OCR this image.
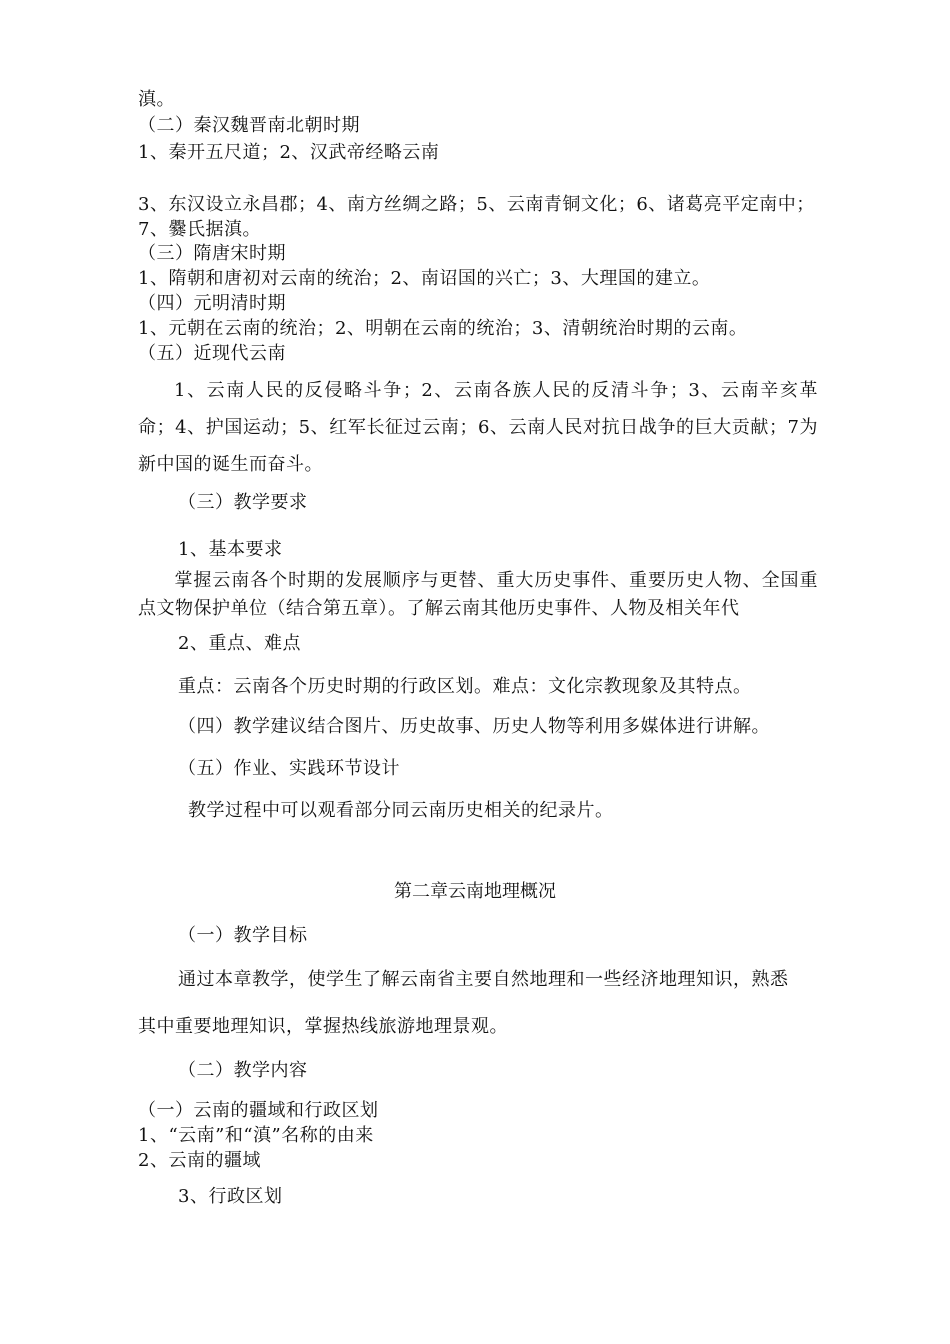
滇。
（二）秦汉魏晋南北朝时期
1、秦开五尺道；2、汉武帝经略云南
3、东汉设立永昌郡；4、南方丝绸之路；5、云南青铜文化；6、诸葛亮平定南中；
7、爨氏据滇。
（三）隋唐宋时期
1、隋朝和唐初对云南的统治；2、南诏国的兴亡；3、大理国的建立。
（四）元明清时期
1、元朝在云南的统治；2、明朝在云南的统治；3、清朝统治时期的云南。
（五）近现代云南
1、云南人民的反侵略斗争；2、云南各族人民的反清斗争；3、云南辛亥革命；4、护国运动；5、红军长征过云南；6、云南人民对抗日战争的巨大贡献；7为新中国的诞生而奋斗。
（三）教学要求
1、基本要求
掌握云南各个时期的发展顺序与更替、重大历史事件、重要历史人物、全国重点文物保护单位（结合第五章）。了解云南其他历史事件、人物及相关年代
2、重点、难点
重点：云南各个历史时期的行政区划。难点：文化宗教现象及其特点。
（四）教学建议结合图片、历史故事、历史人物等利用多媒体进行讲解。
（五）作业、实践环节设计
教学过程中可以观看部分同云南历史相关的纪录片。
第二章云南地理概况
（一）教学目标
通过本章教学，使学生了解云南省主要自然地理和一些经济地理知识，熟悉
其中重要地理知识，掌握热线旅游地理景观。
（二）教学内容
（一）云南的疆域和行政区划
1、“云南”和“滇”名称的由来
2、云南的疆域
3、行政区划
